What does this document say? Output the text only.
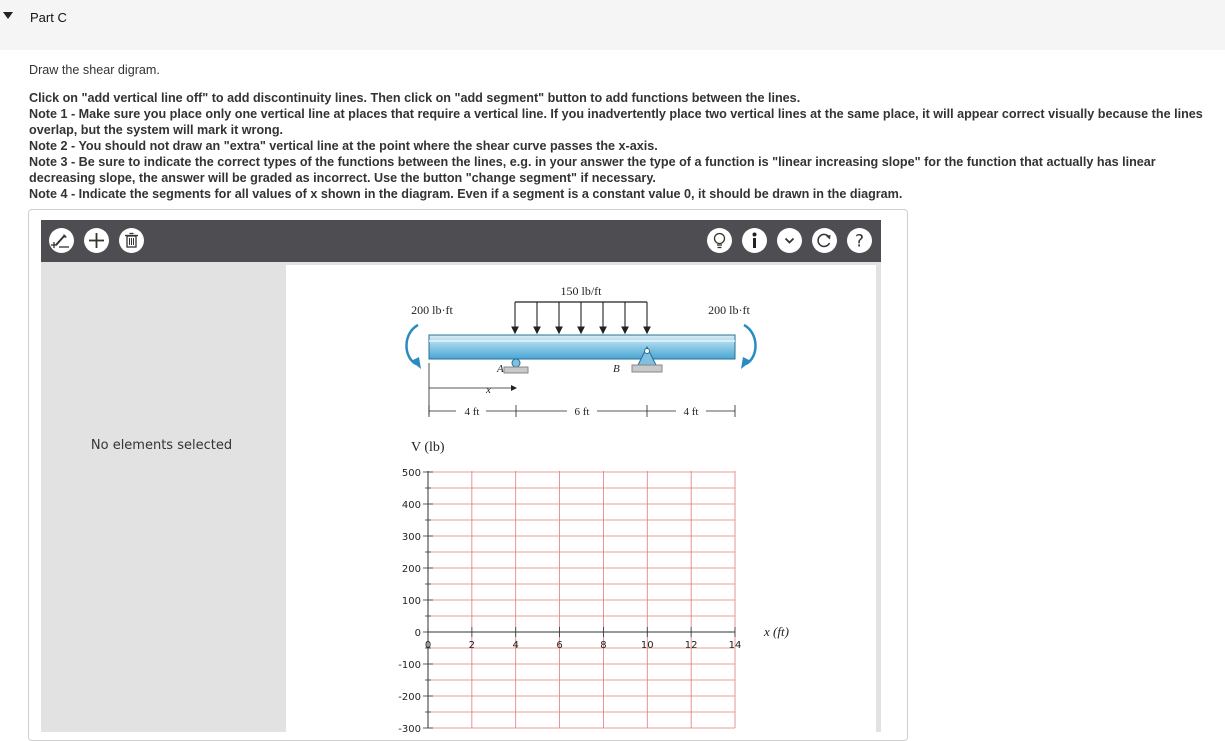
Part C
Draw the shear digram.

Click on "add vertical line off" to add discontinuity lines. Then click on "add segment" button to add functions between the lines.

Note 1 - Make sure you place only one vertical line at places that require a vertical line. If you inadvertently place two vertical lines at the same place, it will appear correct visually because the lines

overlap, but the system will mark it wrong.

Note 2 - You should not draw an "extra" vertical line at the point where the shear curve passes the x-axis.

Note 3 - Be sure to indicate the correct types of the functions between the lines, e.g. in your answer the type of a function is "linear increasing slope" for the function that actually has linear

decreasing slope, the answer will be graded as incorrect. Use the button "change segment" if necessary.

Note 4 - Indicate the segments for all values of x shown in the diagram. Even if a segment is a constant value 0, it should be drawn in the diagram.

?
No elements selected
150 lb/ft
200 lb·ft	200 lb·ft
A	B
x
4 ft	6 ft	4 ft
V (lb)
x (ft)
500
400
300
200
100
0
-100
-200
-300
0	2	4	6	8	10	12	14
